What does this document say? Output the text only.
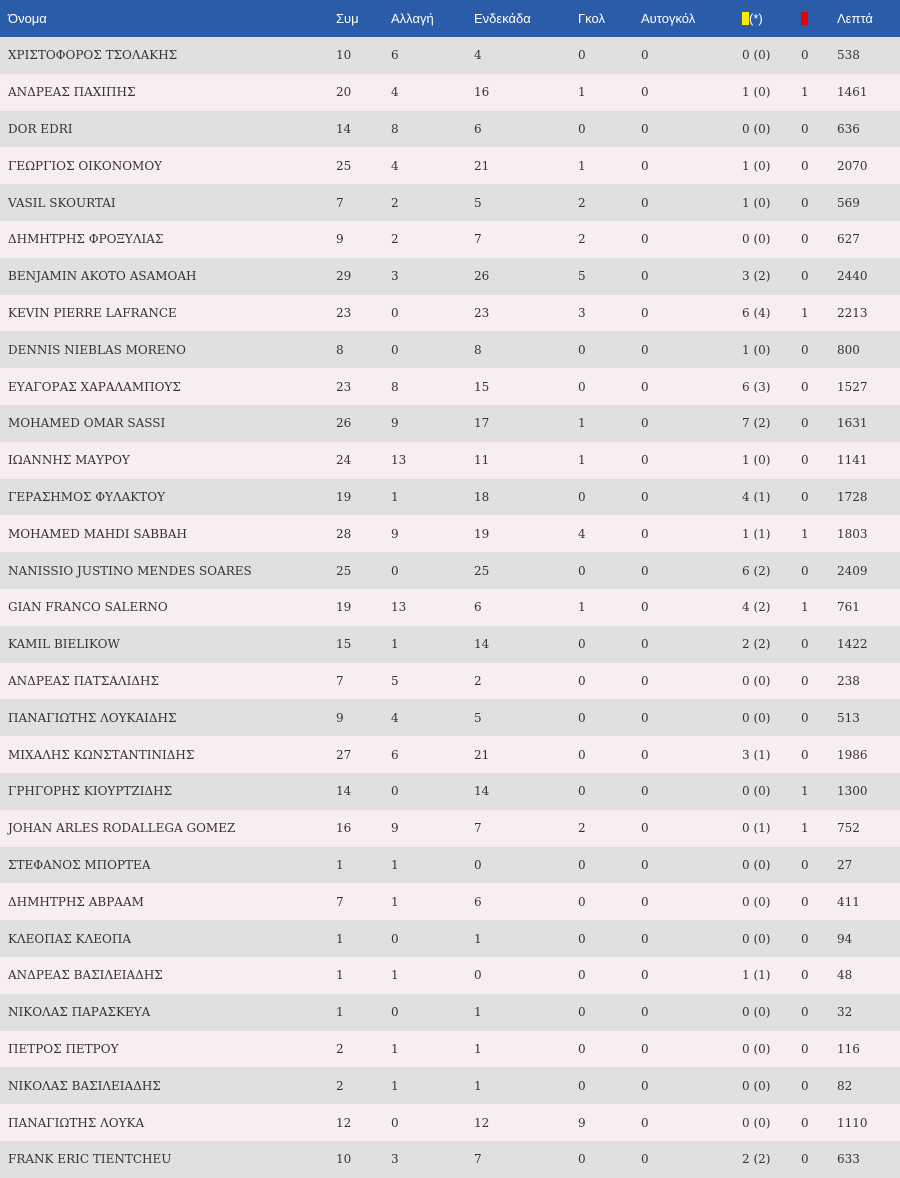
Όνομα	Συμ	Αλλαγή	Ενδεκάδα	Γκολ	Αυτογκόλ	(*)		Λεπτά
ΧΡΙΣΤΟΦΟΡΟΣ ΤΣΟΛΑΚΗΣ	10	6	4	0	0	0 (0)	0	538
ΑΝΔΡΕΑΣ ΠΑΧΙΠΗΣ	20	4	16	1	0	1 (0)	1	1461
DOR EDRI	14	8	6	0	0	0 (0)	0	636
ΓΕΩΡΓΙΟΣ ΟΙΚΟΝΟΜΟΥ	25	4	21	1	0	1 (0)	0	2070
VASIL SKOURTAI	7	2	5	2	0	1 (0)	0	569
ΔΗΜΗΤΡΗΣ ΦΡΟΞΥΛΙΑΣ	9	2	7	2	0	0 (0)	0	627
BENJAMIN AKOTO ASAMOAH	29	3	26	5	0	3 (2)	0	2440
KEVIN PIERRE LAFRANCE	23	0	23	3	0	6 (4)	1	2213
DENNIS NIEBLAS MORENO	8	0	8	0	0	1 (0)	0	800
ΕΥΑΓΟΡΑΣ ΧΑΡΑΛΑΜΠΟΥΣ	23	8	15	0	0	6 (3)	0	1527
MOHAMED OMAR SASSI	26	9	17	1	0	7 (2)	0	1631
ΙΩΑΝΝΗΣ ΜΑΥΡΟΥ	24	13	11	1	0	1 (0)	0	1141
ΓΕΡΑΣΗΜΟΣ ΦΥΛΑΚΤΟΥ	19	1	18	0	0	4 (1)	0	1728
MOHAMED MAHDI SABBAH	28	9	19	4	0	1 (1)	1	1803
NANISSIO JUSTINO MENDES SOARES	25	0	25	0	0	6 (2)	0	2409
GIAN FRANCO SALERNO	19	13	6	1	0	4 (2)	1	761
KAMIL BIELIKOW	15	1	14	0	0	2 (2)	0	1422
ΑΝΔΡΕΑΣ ΠΑΤΣΑΛΙΔΗΣ	7	5	2	0	0	0 (0)	0	238
ΠΑΝΑΓΙΩΤΗΣ ΛΟΥΚΑΙΔΗΣ	9	4	5	0	0	0 (0)	0	513
ΜΙΧΑΛΗΣ ΚΩΝΣΤΑΝΤΙΝΙΔΗΣ	27	6	21	0	0	3 (1)	0	1986
ΓΡΗΓΟΡΗΣ ΚΙΟΥΡΤΖΙΔΗΣ	14	0	14	0	0	0 (0)	1	1300
JOHAN ARLES RODALLEGA GOMEZ	16	9	7	2	0	0 (1)	1	752
ΣΤΕΦΑΝΟΣ ΜΠΟΡΤΕΑ	1	1	0	0	0	0 (0)	0	27
ΔΗΜΗΤΡΗΣ ΑΒΡΑΑΜ	7	1	6	0	0	0 (0)	0	411
ΚΛΕΟΠΑΣ ΚΛΕΟΠΑ	1	0	1	0	0	0 (0)	0	94
ΑΝΔΡΕΑΣ ΒΑΣΙΛΕΙΑΔΗΣ	1	1	0	0	0	1 (1)	0	48
ΝΙΚΟΛΑΣ ΠΑΡΑΣΚΕΥΑ	1	0	1	0	0	0 (0)	0	32
ΠΕΤΡΟΣ ΠΕΤΡΟΥ	2	1	1	0	0	0 (0)	0	116
ΝΙΚΟΛΑΣ ΒΑΣΙΛΕΙΑΔΗΣ	2	1	1	0	0	0 (0)	0	82
ΠΑΝΑΓΙΩΤΗΣ ΛΟΥΚΑ	12	0	12	9	0	0 (0)	0	1110
FRANK ERIC TIENTCHEU	10	3	7	0	0	2 (2)	0	633
